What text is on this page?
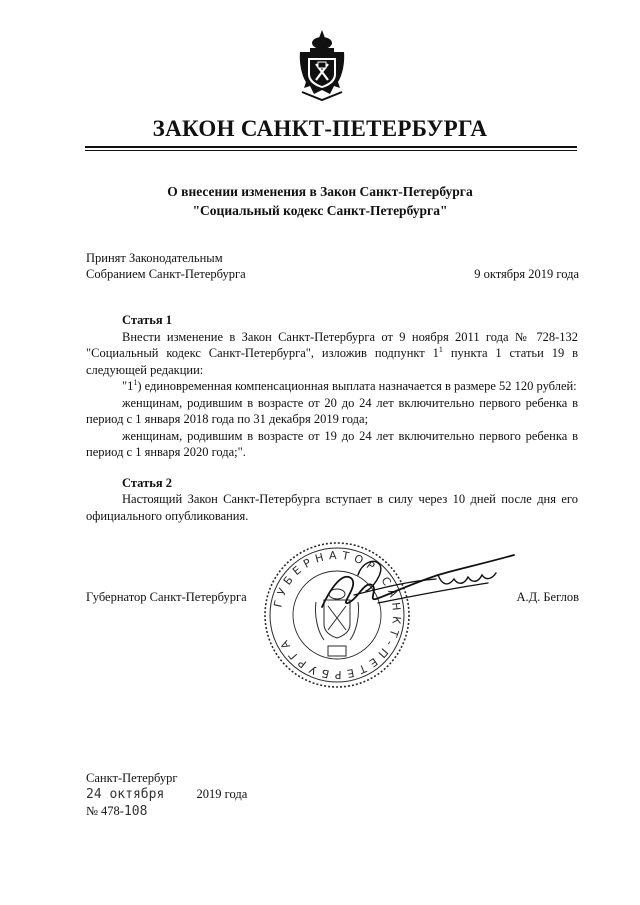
ЗАКОН САНКТ-ПЕТЕРБУРГА
О внесении изменения в Закон Санкт-Петербурга
"Социальный кодекс Санкт-Петербурга"
Принят Законодательным
Собранием Санкт-Петербурга	9 октября 2019 года
Статья 1
Внести изменение в Закон Санкт-Петербурга от 9 ноября 2011 года № 728-132 "Социальный кодекс Санкт-Петербурга", изложив подпункт $1^1$ пункта 1 статьи 19 в следующей редакции:
"$1^1$) единовременная компенсационная выплата назначается в размере 52 120 рублей:
женщинам, родившим в возрасте от 20 до 24 лет включительно первого ребенка в период с 1 января 2018 года по 31 декабря 2019 года;
женщинам, родившим в возрасте от 19 до 24 лет включительно первого ребенка в период с 1 января 2020 года;".
Статья 2
Настоящий Закон Санкт-Петербурга вступает в силу через 10 дней после дня его официального опубликования.
Губернатор Санкт-Петербурга ГУБЕРНАТОР САНКТ-ПЕТЕРБУРГА
А.Д. Беглов
Санкт-Петербург
24 октября	2019 года
№ 478-108
